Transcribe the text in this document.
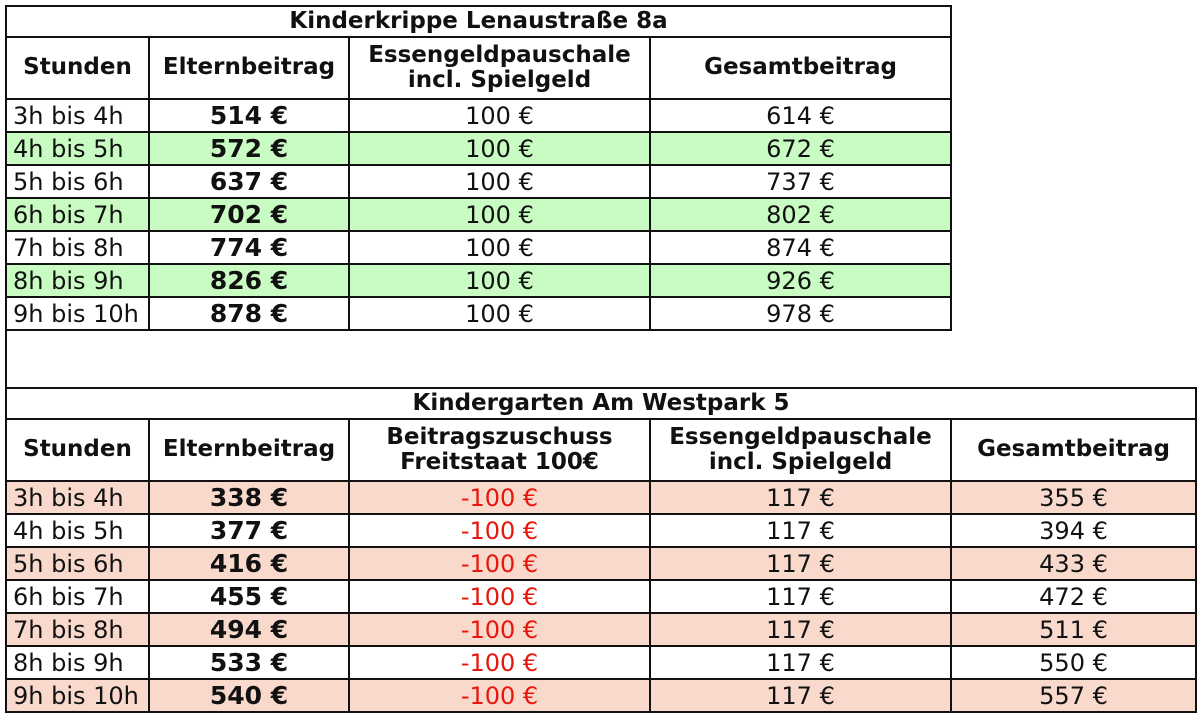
Kinderkrippe Lenaustraße 8a			
Stunden	Elternbeitrag	Essengeldpauschale incl. Spielgeld	Gesamtbeitrag
3h bis 4h	514 €	100 €	614 €
4h bis 5h	572 €	100 €	672 €
5h bis 6h	637 €	100 €	737 €
6h bis 7h	702 €	100 €	802 €
7h bis 8h	774 €	100 €	874 €
8h bis 9h	826 €	100 €	926 €
9h bis 10h	878 €	100 €	978 €
Kindergarten Am Westpark 5				
Stunden	Elternbeitrag	Beitragszuschuss Freitstaat 100€	Essengeldpauschale incl. Spielgeld	Gesamtbeitrag
3h bis 4h	338 €	-100 €	117 €	355 €
4h bis 5h	377 €	-100 €	117 €	394 €
5h bis 6h	416 €	-100 €	117 €	433 €
6h bis 7h	455 €	-100 €	117 €	472 €
7h bis 8h	494 €	-100 €	117 €	511 €
8h bis 9h	533 €	-100 €	117 €	550 €
9h bis 10h	540 €	-100 €	117 €	557 €
